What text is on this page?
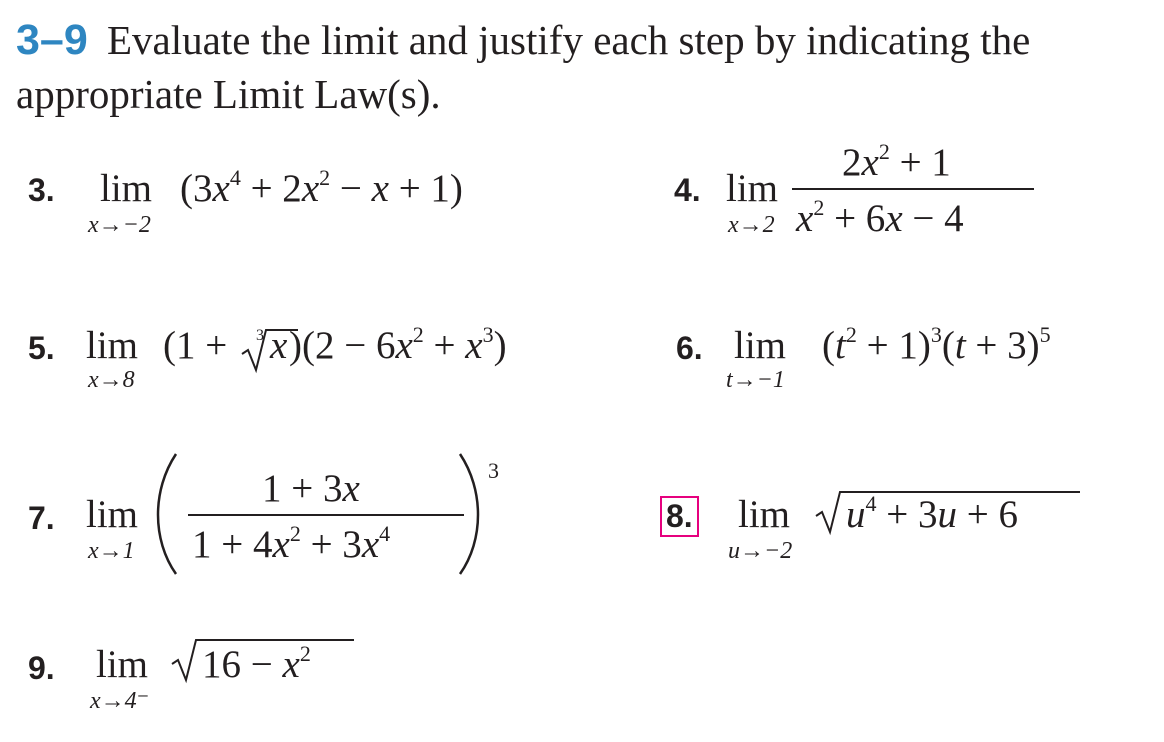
3–9 Evaluate the limit and justify each step by indicating the
appropriate Limit Law(s).
3. lim
x→−2
$(3x^4 + 2x^2 - x + 1)$	4. lim
x→2
$2x^2 + 1$
$x^2 + 6x - 4$
5. lim
x→8
$(1 + )(2 - 6x^2 + x^3)$
3 x	6. lim
t→−1
$(t^2 + 1)^3(t + 3)^5$
7. lim
x→1
3
1 + 3x
$1 + 4x^2 + 3x^4$	8. lim
u→−2
$u^4 + 3u + 6$
9. lim
x→4⁻
$16 - x^2$
